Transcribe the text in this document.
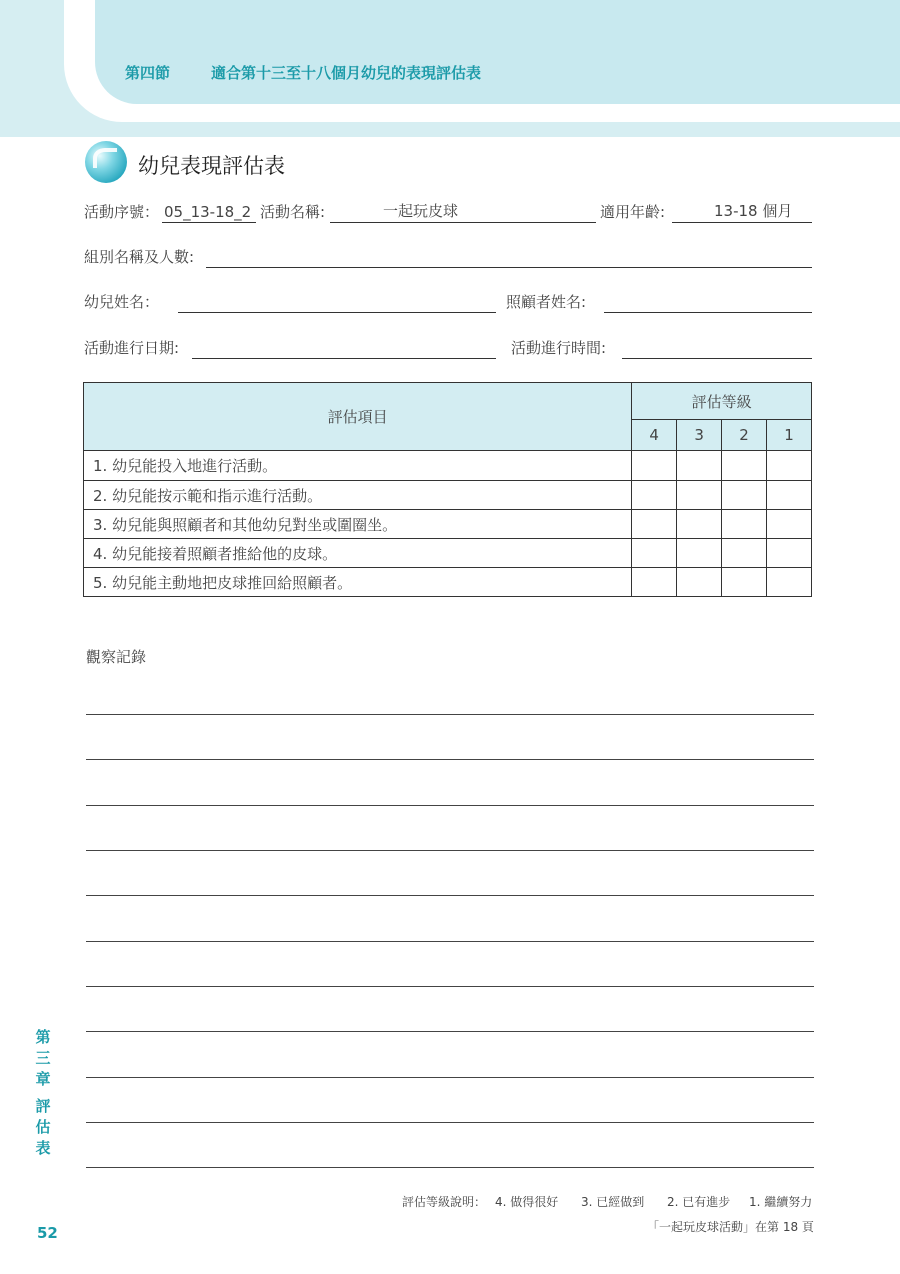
第四節	適合第十三至十八個月幼兒的表現評估表
幼兒表現評估表
活動序號： 05_13-18_2 活動名稱:	一起玩皮球	適用年齡:	13-18 個月
組別名稱及人數:
幼兒姓名：	照顧者姓名:
活動進行日期:	活動進行時間:
評估項目	評估等級			
	4	3	2	1
1. 幼兒能投入地進行活動。				
2. 幼兒能按示範和指示進行活動。				
3. 幼兒能與照顧者和其他幼兒對坐或圍圈坐。				
4. 幼兒能接着照顧者推給他的皮球。				
5. 幼兒能主動地把皮球推回給照顧者。				
觀察記錄
第
三
章
評
估
表
52
評估等級說明： 4. 做得很好 3. 已經做到 2. 已有進步 1. 繼續努力
「一起玩皮球活動」在第 18 頁
